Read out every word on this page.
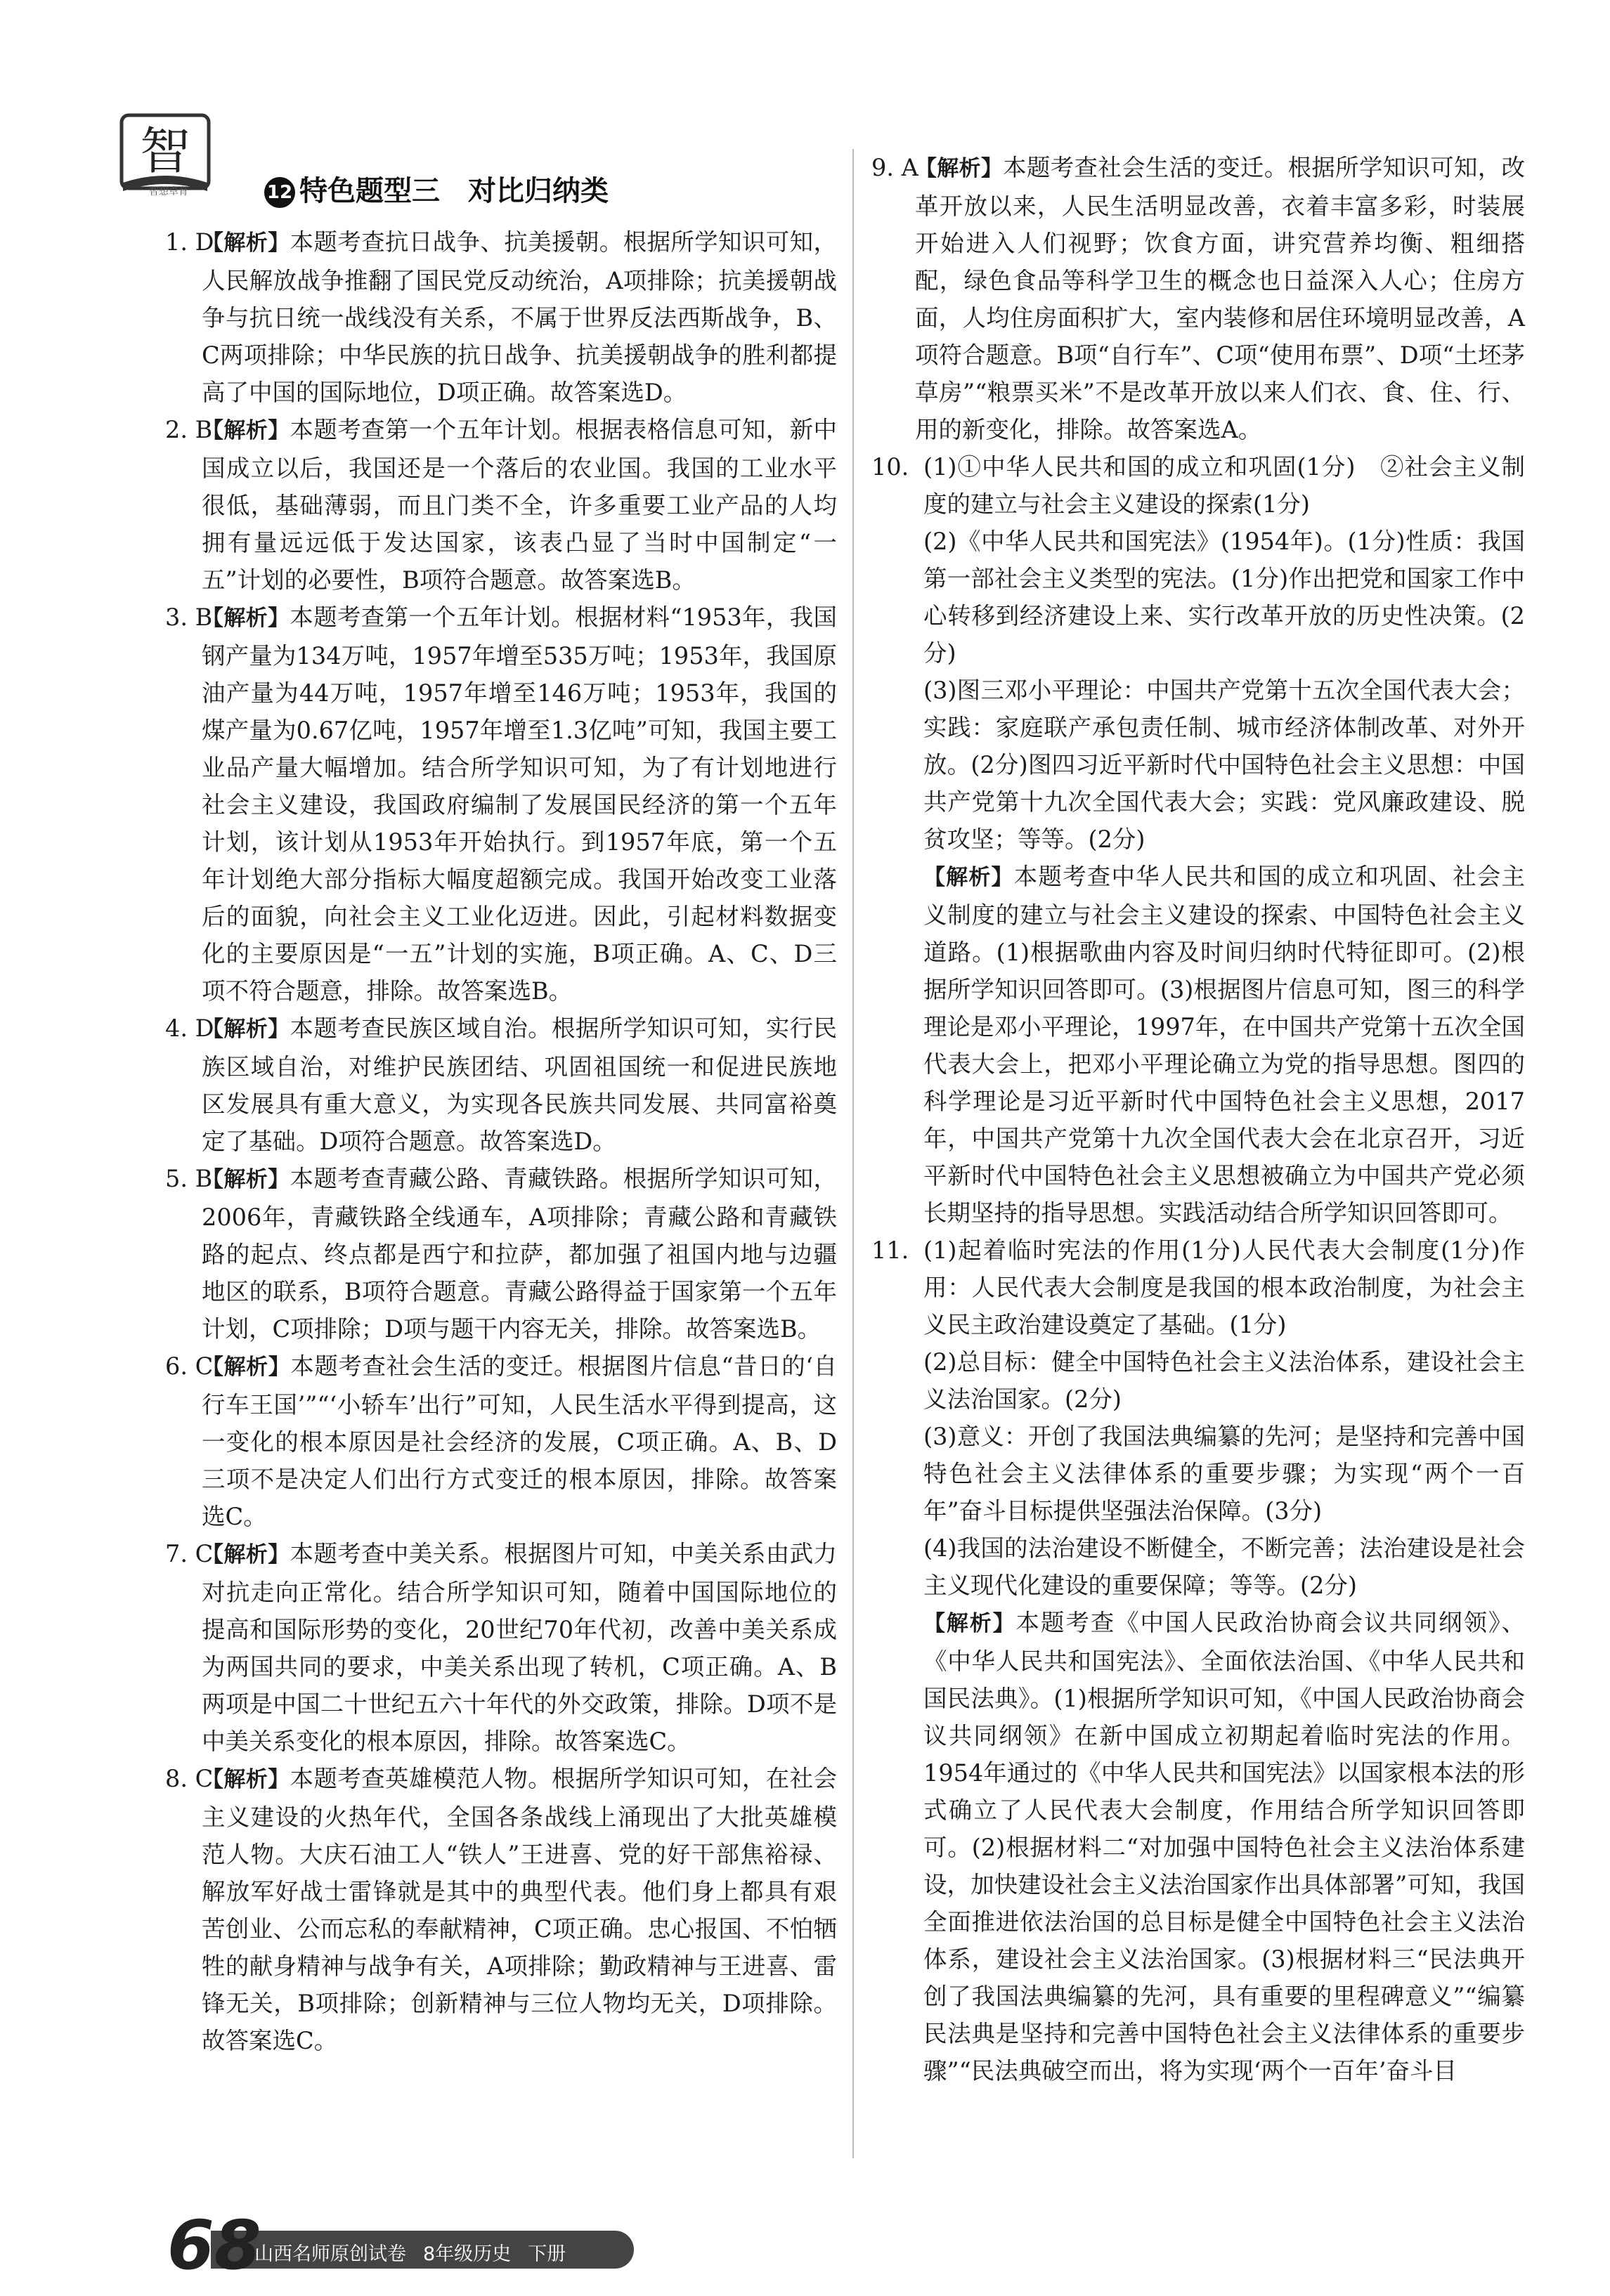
智
智想卓育	12 特色题型三　对比归纳类
1. D
【解析】本题考查抗日战争、抗美援朝。根据所学知识可知，人民解放战争推翻了国民党反动统治，A项排除；抗美援朝战争与抗日统一战线没有关系，不属于世界反法西斯战争，B、C两项排除；中华民族的抗日战争、抗美援朝战争的胜利都提高了中国的国际地位，D项正确。故答案选D。
2. B
【解析】本题考查第一个五年计划。根据表格信息可知，新中国成立以后，我国还是一个落后的农业国。我国的工业水平很低，基础薄弱，而且门类不全，许多重要工业产品的人均拥有量远远低于发达国家，该表凸显了当时中国制定“一五”计划的必要性，B项符合题意。故答案选B。
3. B
【解析】本题考查第一个五年计划。根据材料“1953年，我国钢产量为134万吨，1957年增至535万吨；1953年，我国原油产量为44万吨，1957年增至146万吨；1953年，我国的煤产量为0.67亿吨，1957年增至1.3亿吨”可知，我国主要工业品产量大幅增加。结合所学知识可知，为了有计划地进行社会主义建设，我国政府编制了发展国民经济的第一个五年计划，该计划从1953年开始执行。到1957年底，第一个五年计划绝大部分指标大幅度超额完成。我国开始改变工业落后的面貌，向社会主义工业化迈进。因此，引起材料数据变化的主要原因是“一五”计划的实施，B项正确。A、C、D三项不符合题意，排除。故答案选B。
4. D
【解析】本题考查民族区域自治。根据所学知识可知，实行民族区域自治，对维护民族团结、巩固祖国统一和促进民族地区发展具有重大意义，为实现各民族共同发展、共同富裕奠定了基础。D项符合题意。故答案选D。
5. B
【解析】本题考查青藏公路、青藏铁路。根据所学知识可知，2006年，青藏铁路全线通车，A项排除；青藏公路和青藏铁路的起点、终点都是西宁和拉萨，都加强了祖国内地与边疆地区的联系，B项符合题意。青藏公路得益于国家第一个五年计划，C项排除；D项与题干内容无关，排除。故答案选B。
6. C
【解析】本题考查社会生活的变迁。根据图片信息“昔日的‘自行车王国’”“‘小轿车’出行”可知，人民生活水平得到提高，这一变化的根本原因是社会经济的发展，C项正确。A、B、D三项不是决定人们出行方式变迁的根本原因，排除。故答案选C。
7. C
【解析】本题考查中美关系。根据图片可知，中美关系由武力对抗走向正常化。结合所学知识可知，随着中国国际地位的提高和国际形势的变化，20世纪70年代初，改善中美关系成为两国共同的要求，中美关系出现了转机，C项正确。A、B两项是中国二十世纪五六十年代的外交政策，排除。D项不是中美关系变化的根本原因，排除。故答案选C。
8. C
【解析】本题考查英雄模范人物。根据所学知识可知，在社会主义建设的火热年代，全国各条战线上涌现出了大批英雄模范人物。大庆石油工人“铁人”王进喜、党的好干部焦裕禄、解放军好战士雷锋就是其中的典型代表。他们身上都具有艰苦创业、公而忘私的奉献精神，C项正确。忠心报国、不怕牺牲的献身精神与战争有关，A项排除；勤政精神与王进喜、雷锋无关，B项排除；创新精神与三位人物均无关，D项排除。故答案选C。
9. A
【解析】本题考查社会生活的变迁。根据所学知识可知，改革开放以来，人民生活明显改善，衣着丰富多彩，时装展开始进入人们视野；饮食方面，讲究营养均衡、粗细搭配，绿色食品等科学卫生的概念也日益深入人心；住房方面，人均住房面积扩大，室内装修和居住环境明显改善，A项符合题意。B项“自行车”、C项“使用布票”、D项“土坯茅草房”“粮票买米”不是改革开放以来人们衣、食、住、行、用的新变化，排除。故答案选A。
10. (1)①中华人民共和国的成立和巩固(1分)　②社会主义制度的建立与社会主义建设的探索(1分)
(2)《中华人民共和国宪法》(1954年)。(1分)性质：我国第一部社会主义类型的宪法。(1分)作出把党和国家工作中心转移到经济建设上来、实行改革开放的历史性决策。(2分)
(3)图三邓小平理论：中国共产党第十五次全国代表大会；实践：家庭联产承包责任制、城市经济体制改革、对外开放。(2分)图四习近平新时代中国特色社会主义思想：中国共产党第十九次全国代表大会；实践：党风廉政建设、脱贫攻坚；等等。(2分)
【解析】本题考查中华人民共和国的成立和巩固、社会主义制度的建立与社会主义建设的探索、中国特色社会主义道路。(1)根据歌曲内容及时间归纳时代特征即可。(2)根据所学知识回答即可。(3)根据图片信息可知，图三的科学理论是邓小平理论，1997年，在中国共产党第十五次全国代表大会上，把邓小平理论确立为党的指导思想。图四的科学理论是习近平新时代中国特色社会主义思想，2017年，中国共产党第十九次全国代表大会在北京召开，习近平新时代中国特色社会主义思想被确立为中国共产党必须长期坚持的指导思想。实践活动结合所学知识回答即可。
11. (1)起着临时宪法的作用(1分)人民代表大会制度(1分)作用：人民代表大会制度是我国的根本政治制度，为社会主义民主政治建设奠定了基础。(1分)
(2)总目标：健全中国特色社会主义法治体系，建设社会主义法治国家。(2分)
(3)意义：开创了我国法典编纂的先河；是坚持和完善中国特色社会主义法律体系的重要步骤；为实现“两个一百年”奋斗目标提供坚强法治保障。(3分)
(4)我国的法治建设不断健全，不断完善；法治建设是社会主义现代化建设的重要保障；等等。(2分)
【解析】本题考查《中国人民政治协商会议共同纲领》、《中华人民共和国宪法》、全面依法治国、《中华人民共和国民法典》。(1)根据所学知识可知，《中国人民政治协商会议共同纲领》在新中国成立初期起着临时宪法的作用。1954年通过的《中华人民共和国宪法》以国家根本法的形式确立了人民代表大会制度，作用结合所学知识回答即可。(2)根据材料二“对加强中国特色社会主义法治体系建设，加快建设社会主义法治国家作出具体部署”可知，我国全面推进依法治国的总目标是健全中国特色社会主义法治体系，建设社会主义法治国家。(3)根据材料三“民法典开创了我国法典编纂的先河，具有重要的里程碑意义”“编纂民法典是坚持和完善中国特色社会主义法律体系的重要步骤”“民法典破空而出，将为实现‘两个一百年’奋斗目
68
山西名师原创试卷 8年级历史 下册
